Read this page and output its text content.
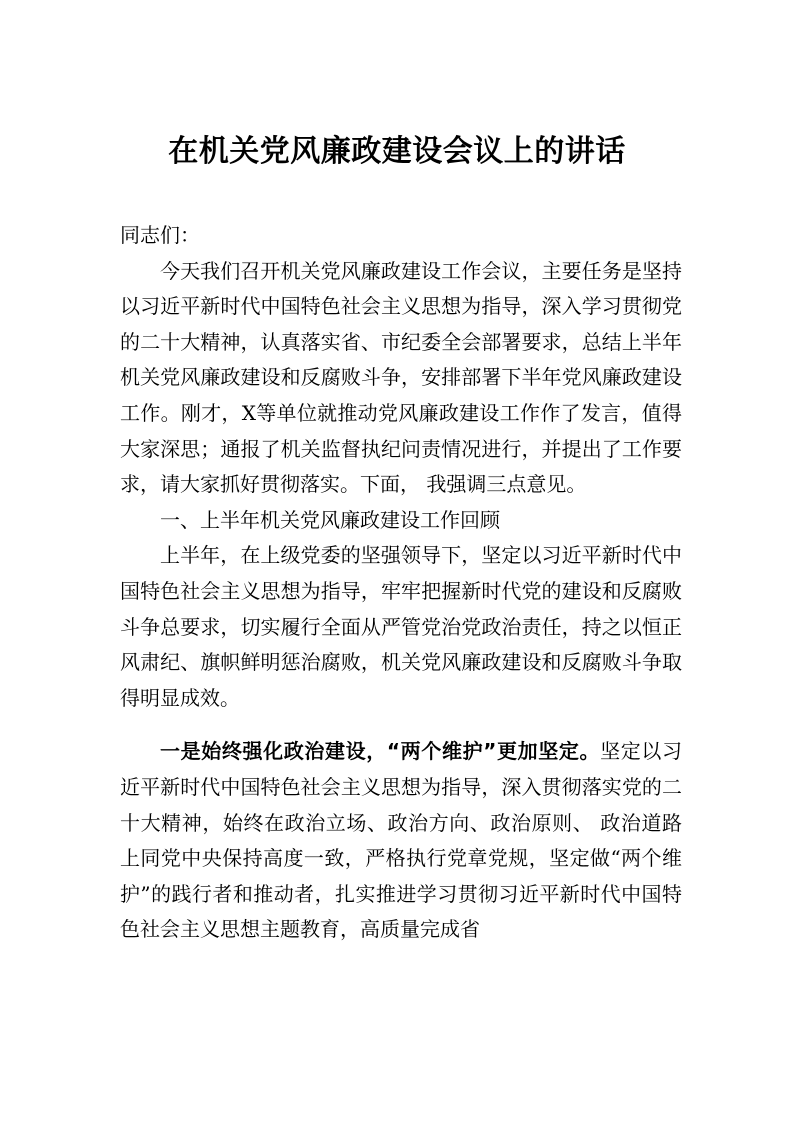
在机关党风廉政建设会议上的讲话

同志们：

今天我们召开机关党风廉政建设工作会议，主要任务是坚持以习近平新时代中国特色社会主义思想为指导，深入学习贯彻党的二十大精神，认真落实省、市纪委全会部署要求，总结上半年机关党风廉政建设和反腐败斗争，安排部署下半年党风廉政建设工作。刚才，X等单位就推动党风廉政建设工作作了发言，值得大家深思；通报了机关监督执纪问责情况进行，并提出了工作要求，请大家抓好贯彻落实。下面， 我强调三点意见。

一、上半年机关党风廉政建设工作回顾

上半年，在上级党委的坚强领导下，坚定以习近平新时代中国特色社会主义思想为指导，牢牢把握新时代党的建设和反腐败斗争总要求，切实履行全面从严管党治党政治责任，持之以恒正风肃纪、旗帜鲜明惩治腐败，机关党风廉政建设和反腐败斗争取得明显成效。

一是始终强化政治建设，“两个维护”更加坚定。坚定以习近平新时代中国特色社会主义思想为指导，深入贯彻落实党的二十大精神，始终在政治立场、政治方向、政治原则、 政治道路上同党中央保持高度一致，严格执行党章党规，坚定做“两个维护”的践行者和推动者，扎实推进学习贯彻习近平新时代中国特色社会主义思想主题教育，高质量完成省
